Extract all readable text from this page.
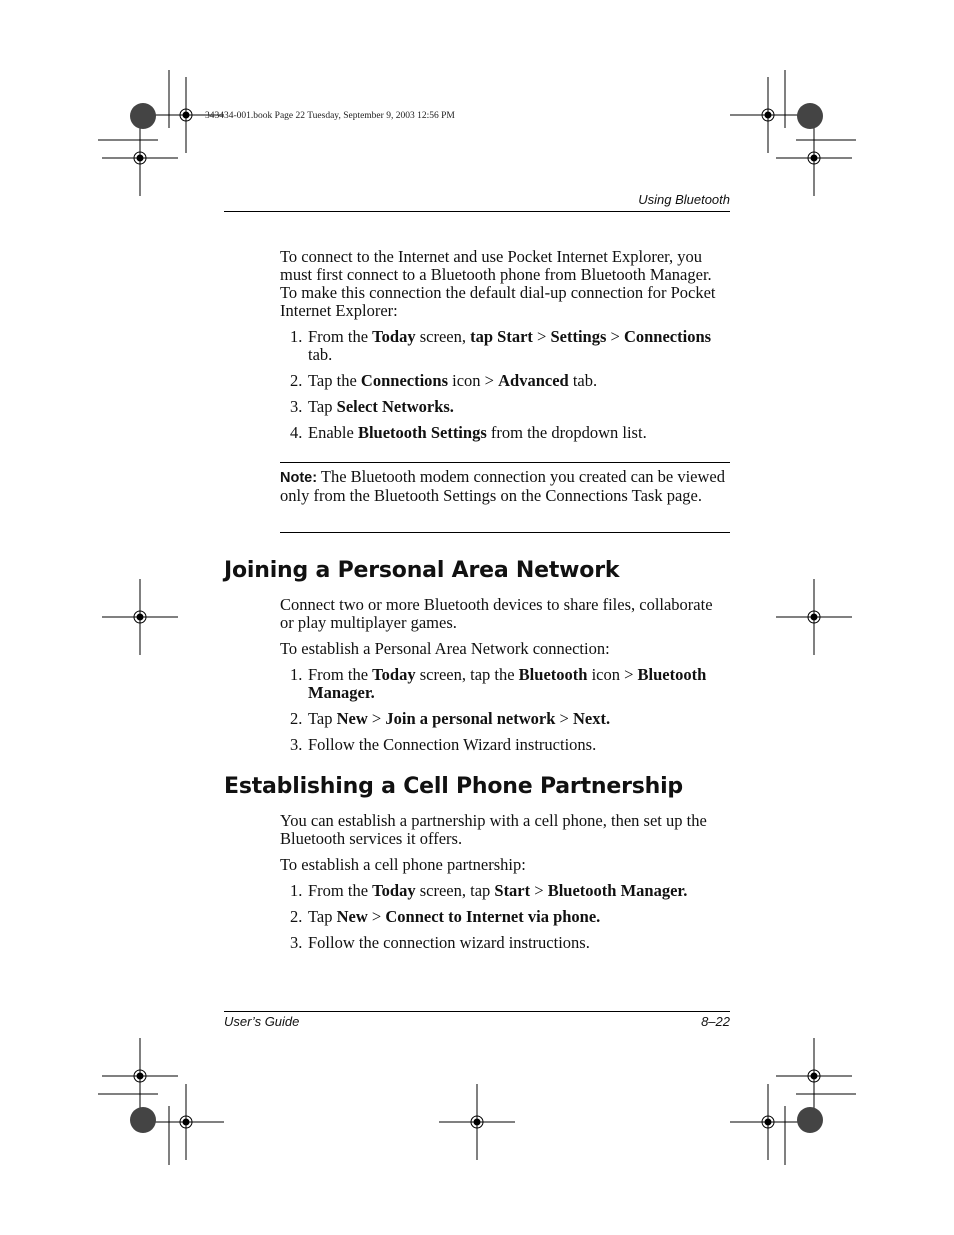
343434-001.book Page 22 Tuesday, September 9, 2003 12:56 PM
Using Bluetooth

To connect to the Internet and use Pocket Internet Explorer, you must first connect to a Bluetooth phone from Bluetooth Manager. To make this connection the default dial-up connection for Pocket Internet Explorer:

1. From the Today screen, tap Start > Settings > Connections tab.
2. Tap the Connections icon > Advanced tab.
3. Tap Select Networks.
4. Enable Bluetooth Settings from the dropdown list.

Note: The Bluetooth modem connection you created can be viewed only from the Bluetooth Settings on the Connections Task page.

Joining a Personal Area Network

Connect two or more Bluetooth devices to share files, collaborate or play multiplayer games.

To establish a Personal Area Network connection:

1. From the Today screen, tap the Bluetooth icon > Bluetooth Manager.
2. Tap New > Join a personal network > Next.
3. Follow the Connection Wizard instructions.
Establishing a Cell Phone Partnership

You can establish a partnership with a cell phone, then set up the Bluetooth services it offers.

To establish a cell phone partnership:

1. From the Today screen, tap Start > Bluetooth Manager.
2. Tap New > Connect to Internet via phone.
3. Follow the connection wizard instructions.
User’s Guide	8–22
